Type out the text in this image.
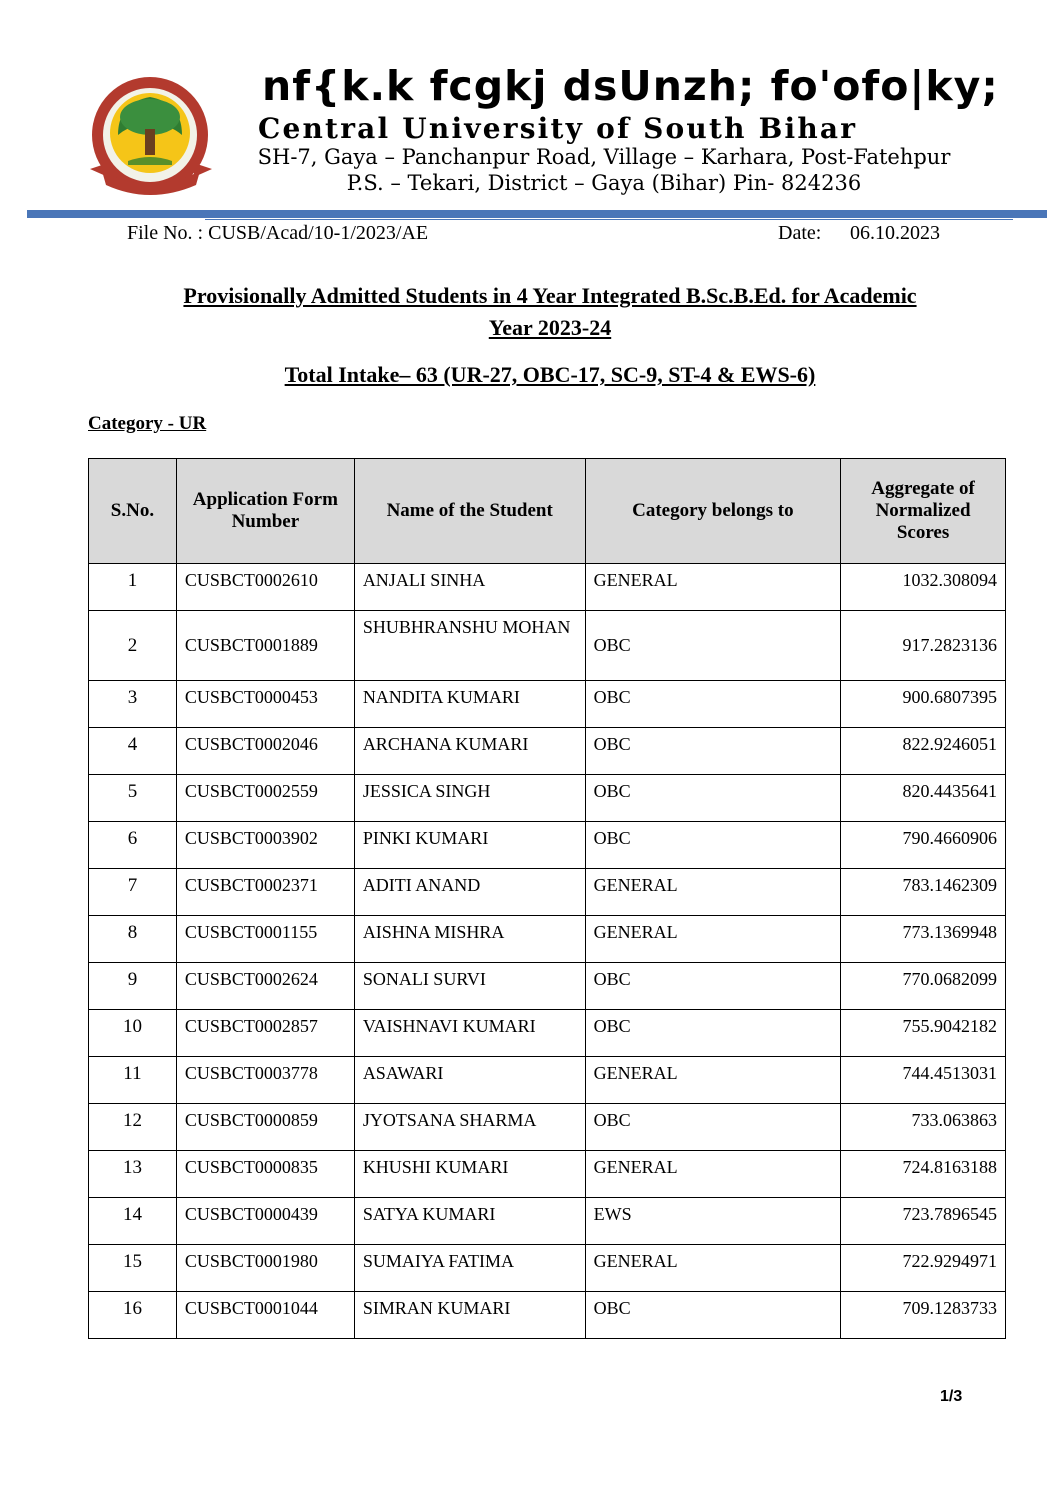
nf{k.k fcgkj dsUnzh; fo'ofo|ky;
Central University of South Bihar
SH-7, Gaya – Panchanpur Road, Village – Karhara, Post-Fatehpur
P.S. – Tekari, District – Gaya (Bihar) Pin- 824236
File No. : CUSB/Acad/10-1/2023/AE	Date: 06.10.2023
Provisionally Admitted Students in 4 Year Integrated B.Sc.B.Ed. for Academic
Year 2023-24
Total Intake– 63 (UR-27, OBC-17, SC-9, ST-4 & EWS-6)
Category - UR
S.No.	Application Form Number	Name of the Student	Category belongs to	Aggregate of Normalized Scores
1	CUSBCT0002610	ANJALI SINHA	GENERAL	1032.308094
2	CUSBCT0001889	SHUBHRANSHU MOHAN	OBC	917.2823136
3	CUSBCT0000453	NANDITA KUMARI	OBC	900.6807395
4	CUSBCT0002046	ARCHANA KUMARI	OBC	822.9246051
5	CUSBCT0002559	JESSICA SINGH	OBC	820.4435641
6	CUSBCT0003902	PINKI KUMARI	OBC	790.4660906
7	CUSBCT0002371	ADITI ANAND	GENERAL	783.1462309
8	CUSBCT0001155	AISHNA MISHRA	GENERAL	773.1369948
9	CUSBCT0002624	SONALI SURVI	OBC	770.0682099
10	CUSBCT0002857	VAISHNAVI KUMARI	OBC	755.9042182
11	CUSBCT0003778	ASAWARI	GENERAL	744.4513031
12	CUSBCT0000859	JYOTSANA SHARMA	OBC	733.063863
13	CUSBCT0000835	KHUSHI KUMARI	GENERAL	724.8163188
14	CUSBCT0000439	SATYA KUMARI	EWS	723.7896545
15	CUSBCT0001980	SUMAIYA FATIMA	GENERAL	722.9294971
16	CUSBCT0001044	SIMRAN KUMARI	OBC	709.1283733
1/3
